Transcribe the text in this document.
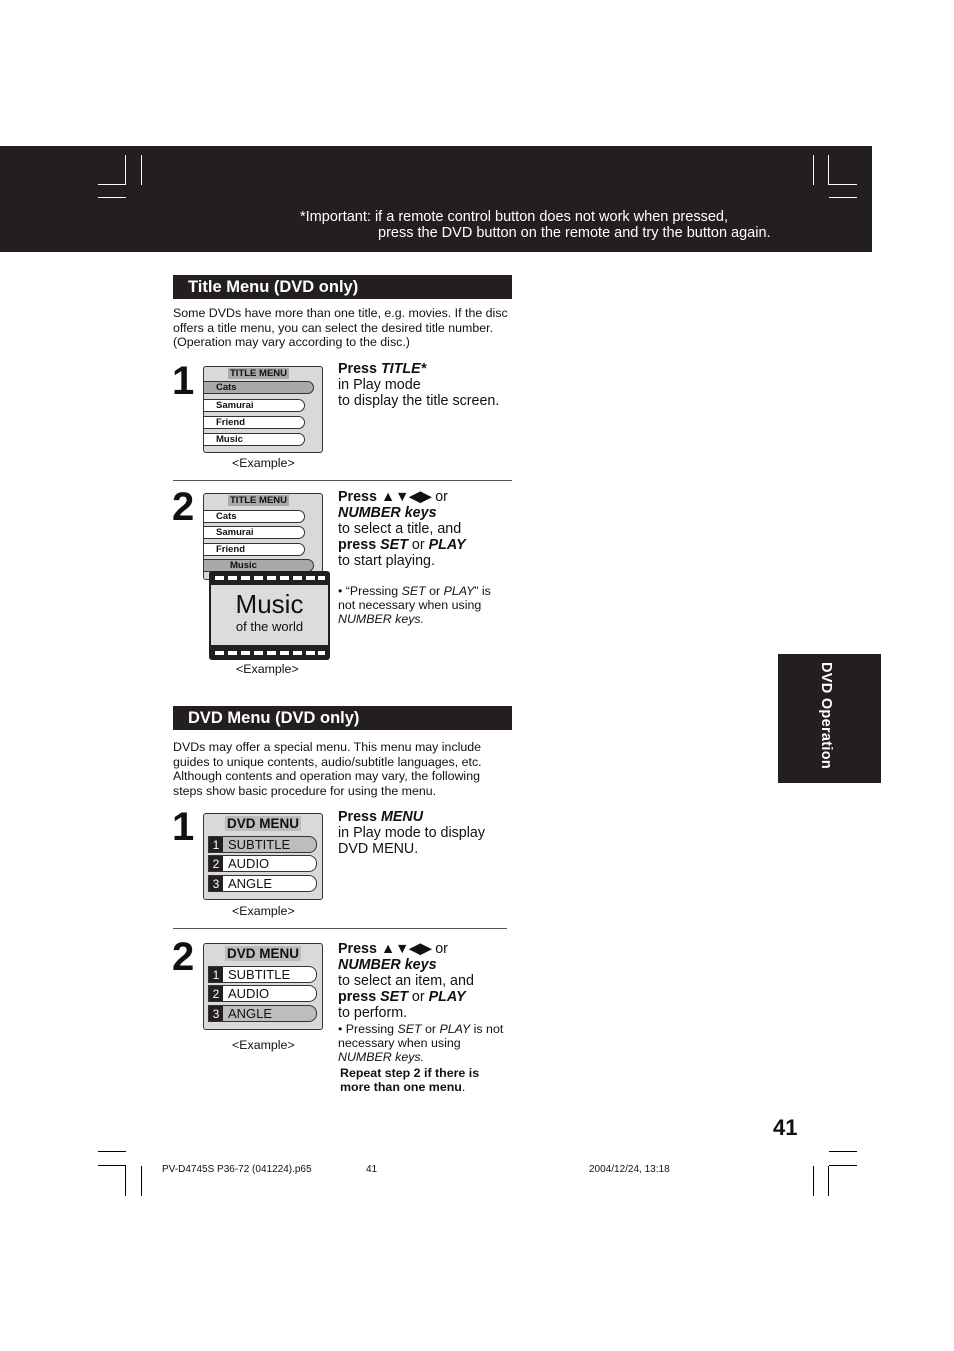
*Important: if a remote control button does not work when pressed,
press the DVD button on the remote and try the button again.
Title Menu (DVD only)
Some DVDs have more than one title, e.g. movies. If the disc offers a title menu, you can select the desired title number. (Operation may vary according to the disc.)
1	TITLE MENU
Cats
Samurai
Friend
Music
<Example>
Press TITLE*
in Play mode
to display the title screen.
2	TITLE MENU
Cats
Samurai
Friend
Music
Music
of the world
<Example>
Press ▲▼◀▶ or
NUMBER keys
to select a title, and
press SET or PLAY
to start playing.
• “Pressing SET or PLAY” is not necessary when using NUMBER keys.
DVD Menu (DVD only)
DVDs may offer a special menu. This menu may include guides to unique contents, audio/subtitle languages, etc. Although contents and operation may vary, the following steps show basic procedure for using the menu.
1 DVD MENU
1 SUBTITLE
2 AUDIO
3 ANGLE
<Example>
Press MENU
in Play mode to display
DVD MENU.
2 DVD MENU
1 SUBTITLE
2 AUDIO
3 ANGLE
<Example>
Press ▲▼◀▶ or
NUMBER keys
to select an item, and
press SET or PLAY
to perform.
• Pressing SET or PLAY is not necessary when using NUMBER keys.
Repeat step 2 if there is more than one menu.
DVD Operation
41
PV-D4745S P36-72 (041224).p65	41	2004/12/24, 13:18
